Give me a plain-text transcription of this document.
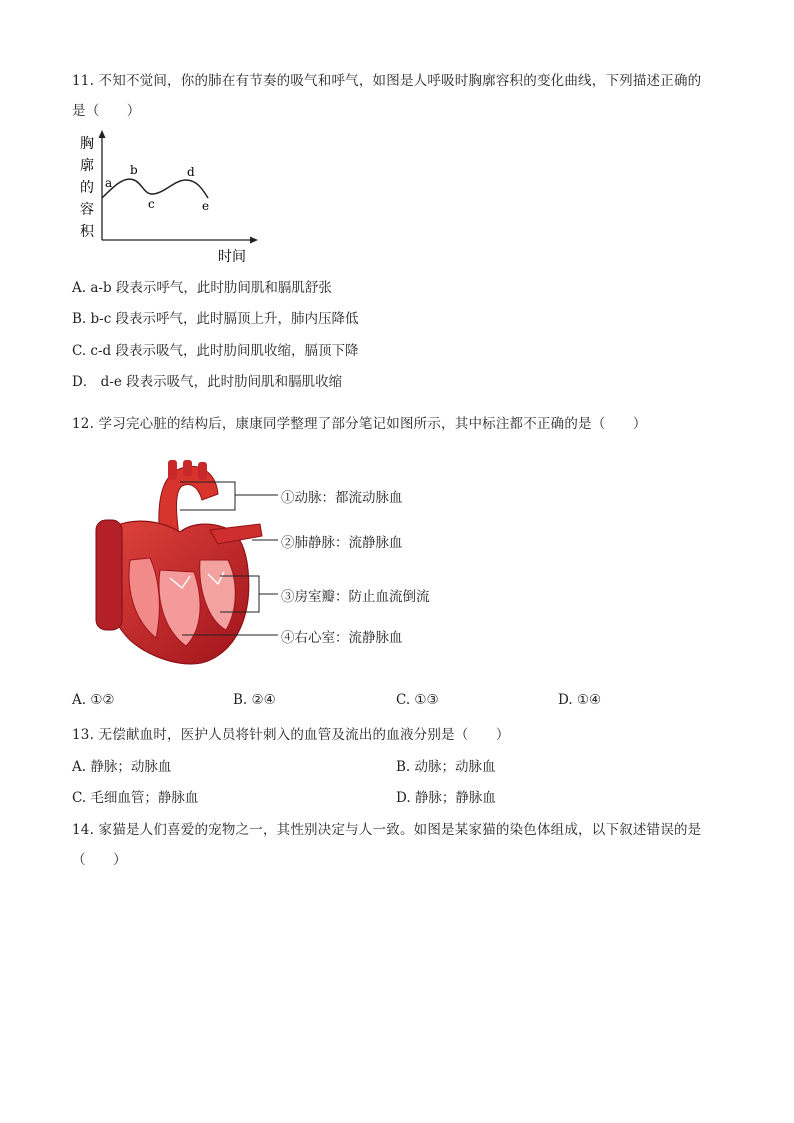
11. 不知不觉间，你的肺在有节奏的吸气和呼气，如图是人呼吸时胸廓容积的变化曲线，下列描述正确的
是（　　）
胸
廓
的
容
积
a
b
c
d
e
时间
A. a-b 段表示呼气，此时肋间肌和膈肌舒张
B. b-c 段表示呼气，此时膈顶上升，肺内压降低
C. c-d 段表示吸气，此时肋间肌收缩，膈顶下降
D． d-e 段表示吸气，此时肋间肌和膈肌收缩
12. 学习完心脏的结构后，康康同学整理了部分笔记如图所示，其中标注都不正确的是（　　）
①动脉：都流动脉血
②肺静脉：流静脉血
③房室瓣：防止血流倒流
④右心室：流静脉血
A. ①②	B. ②④	C. ①③	D. ①④
13. 无偿献血时，医护人员将针刺入的血管及流出的血液分别是（　　）
A. 静脉；动脉血	B. 动脉；动脉血
C. 毛细血管；静脉血	D. 静脉；静脉血
14. 家猫是人们喜爱的宠物之一，其性别决定与人一致。如图是某家猫的染色体组成，以下叙述错误的是
（　　）
